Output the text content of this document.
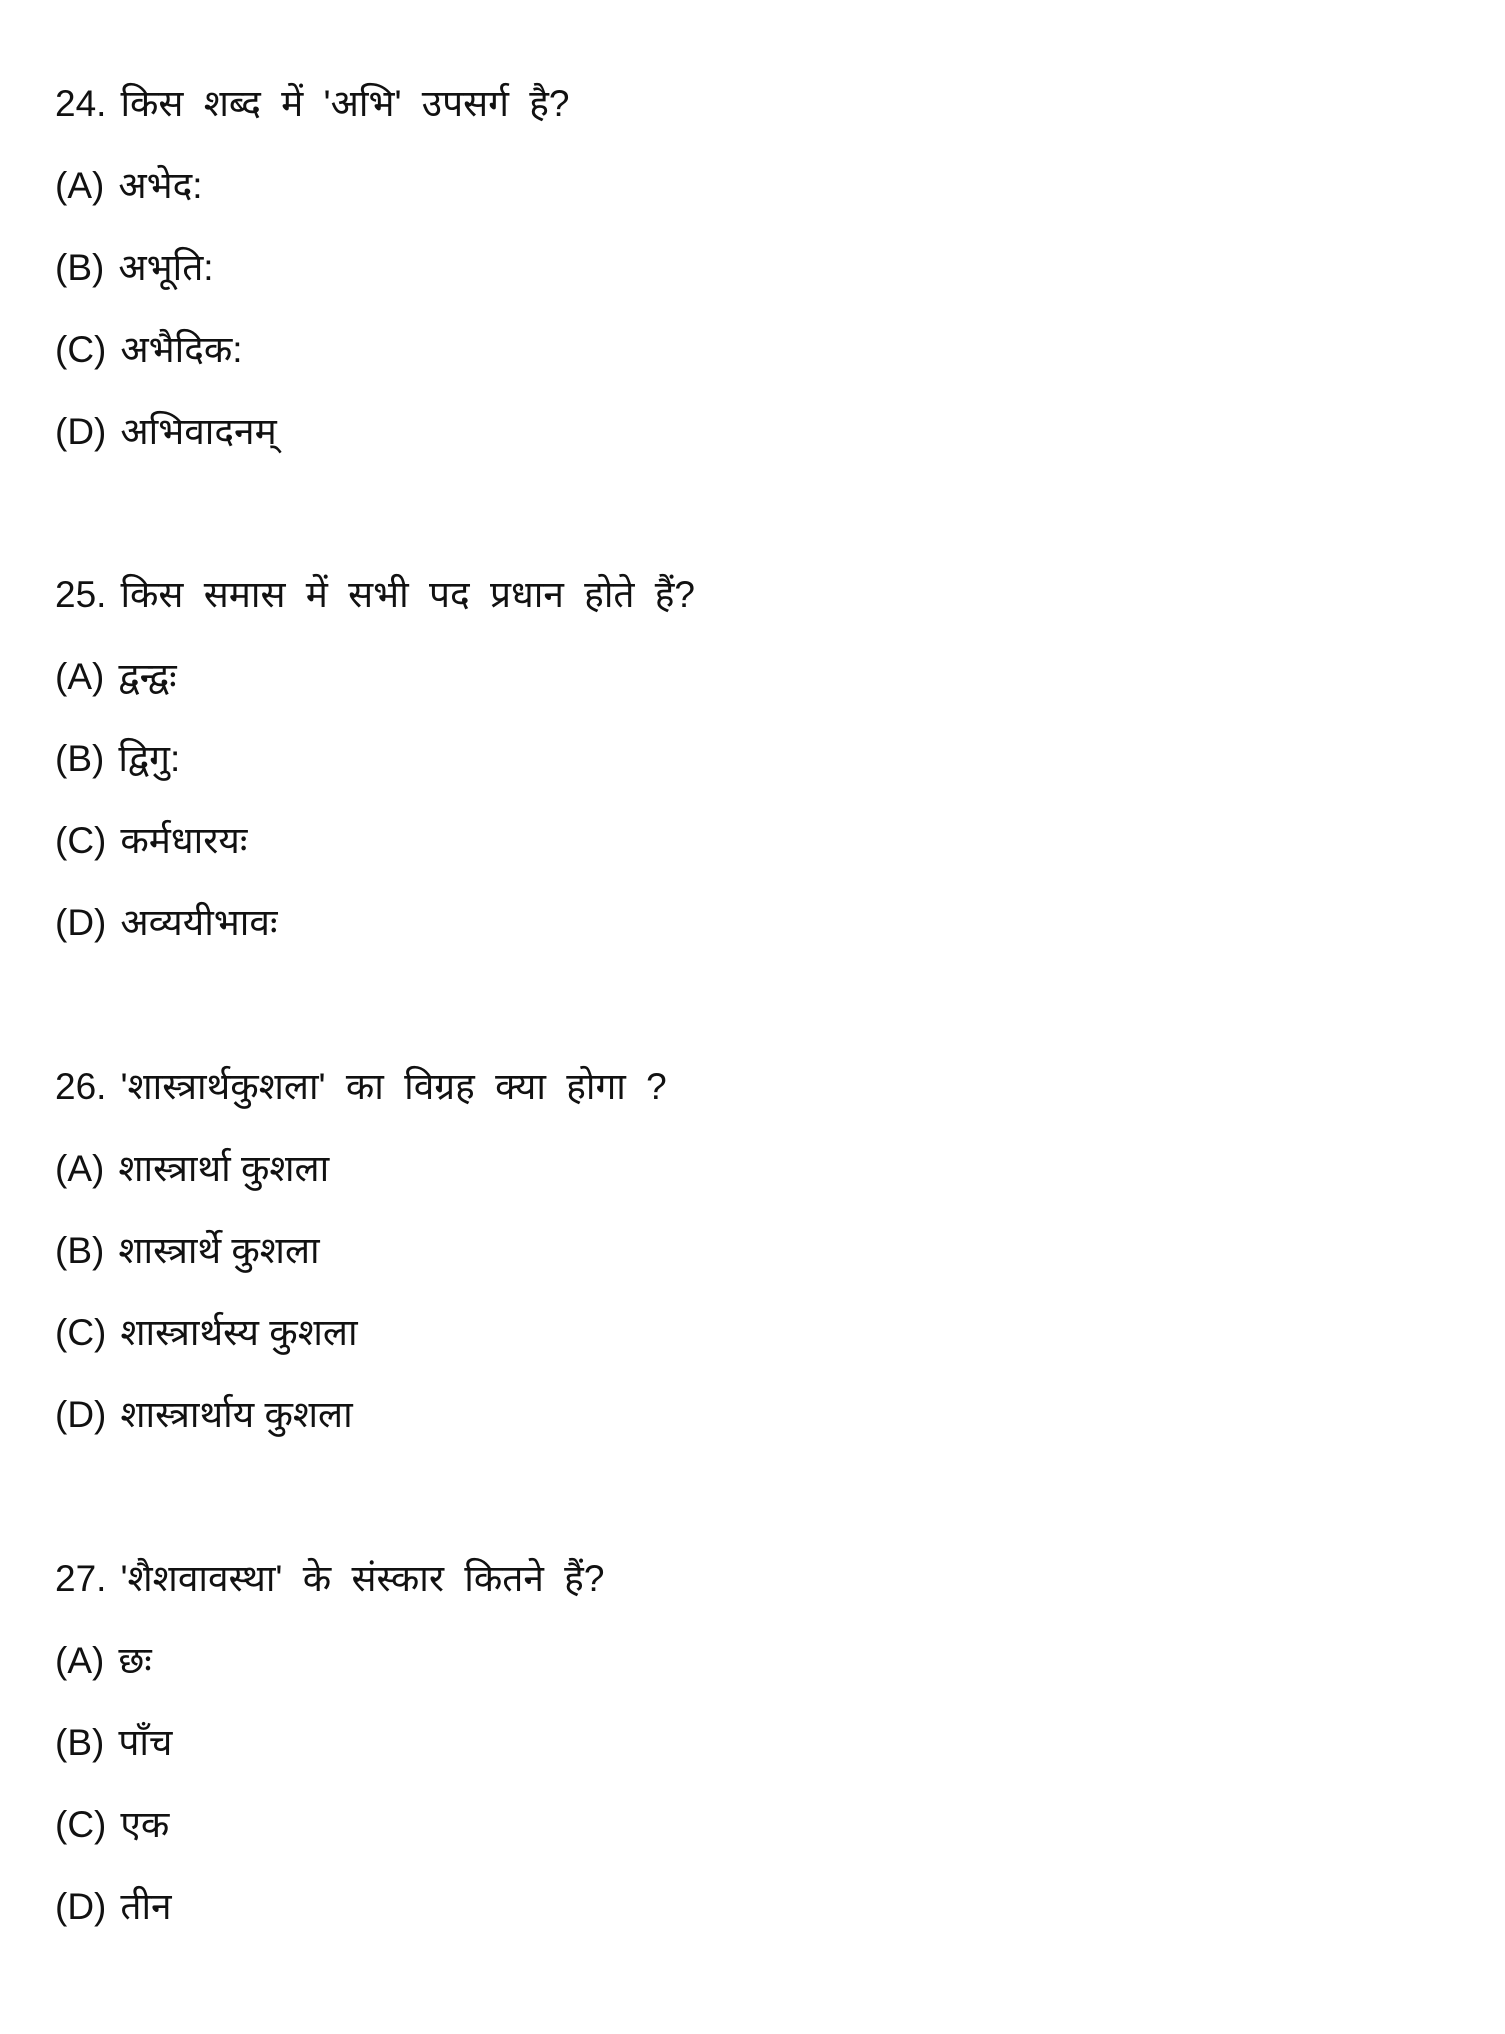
24. किस शब्द में 'अभि' उपसर्ग है?
(A) अभेद:
(B) अभूति:
(C) अभैदिक:
(D) अभिवादनम्
25. किस समास में सभी पद प्रधान होते हैं?
(A) द्वन्द्वः
(B) द्विगु:
(C) कर्मधारयः
(D) अव्ययीभावः
26. 'शास्त्रार्थकुशला' का विग्रह क्या होगा ?
(A) शास्त्रार्था कुशला
(B) शास्त्रार्थे कुशला
(C) शास्त्रार्थस्य कुशला
(D) शास्त्रार्थाय कुशला
27. 'शैशवावस्था' के संस्कार कितने हैं?
(A) छः
(B) पाँच
(C) एक
(D) तीन
